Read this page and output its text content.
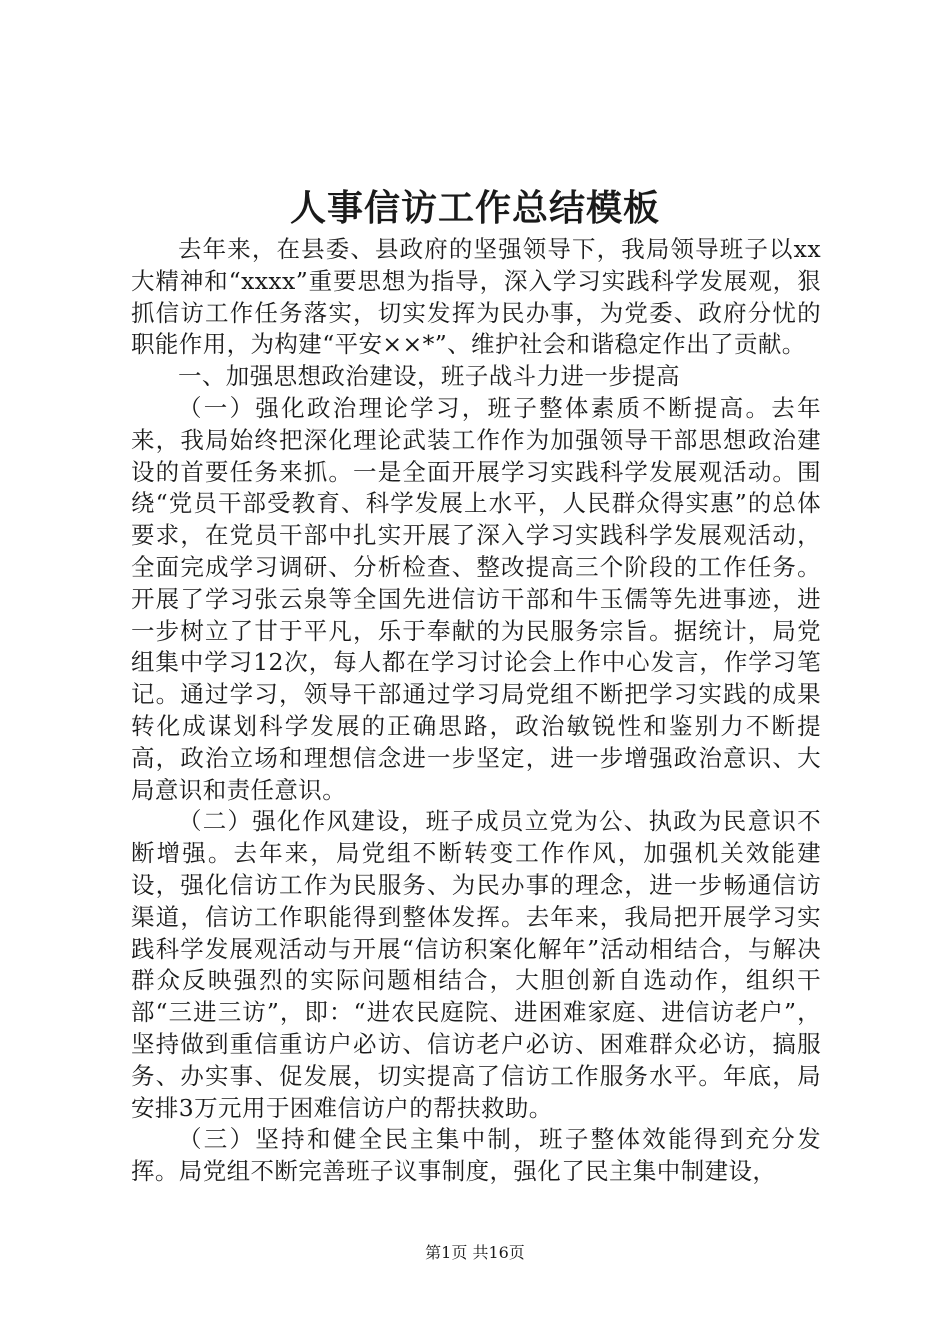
人事信访工作总结模板

去年来，在县委、县政府的坚强领导下，我局领导班子以xx大精神和“xxxx”重要思想为指导，深入学习实践科学发展观，狠抓信访工作任务落实，切实发挥为民办事，为党委、政府分忧的职能作用，为构建“平安××*”、维护社会和谐稳定作出了贡献。

一、加强思想政治建设，班子战斗力进一步提高

（一）强化政治理论学习，班子整体素质不断提高。去年来，我局始终把深化理论武装工作作为加强领导干部思想政治建设的首要任务来抓。一是全面开展学习实践科学发展观活动。围绕“党员干部受教育、科学发展上水平，人民群众得实惠”的总体要求，在党员干部中扎实开展了深入学习实践科学发展观活动，全面完成学习调研、分析检查、整改提高三个阶段的工作任务。开展了学习张云泉等全国先进信访干部和牛玉儒等先进事迹，进一步树立了甘于平凡，乐于奉献的为民服务宗旨。据统计，局党组集中学习12次，每人都在学习讨论会上作中心发言，作学习笔记。通过学习，领导干部通过学习局党组不断把学习实践的成果转化成谋划科学发展的正确思路，政治敏锐性和鉴别力不断提高，政治立场和理想信念进一步坚定，进一步增强政治意识、大局意识和责任意识。

（二）强化作风建设，班子成员立党为公、执政为民意识不断增强。去年来，局党组不断转变工作作风，加强机关效能建设，强化信访工作为民服务、为民办事的理念，进一步畅通信访渠道，信访工作职能得到整体发挥。去年来，我局把开展学习实践科学发展观活动与开展“信访积案化解年”活动相结合，与解决群众反映强烈的实际问题相结合，大胆创新自选动作，组织干部“三进三访”，即：“进农民庭院、进困难家庭、进信访老户”，坚持做到重信重访户必访、信访老户必访、困难群众必访，搞服务、办实事、促发展，切实提高了信访工作服务水平。年底，局安排3万元用于困难信访户的帮扶救助。

（三）坚持和健全民主集中制，班子整体效能得到充分发挥。局党组不断完善班子议事制度，强化了民主集中制建设，

第1页 共16页
